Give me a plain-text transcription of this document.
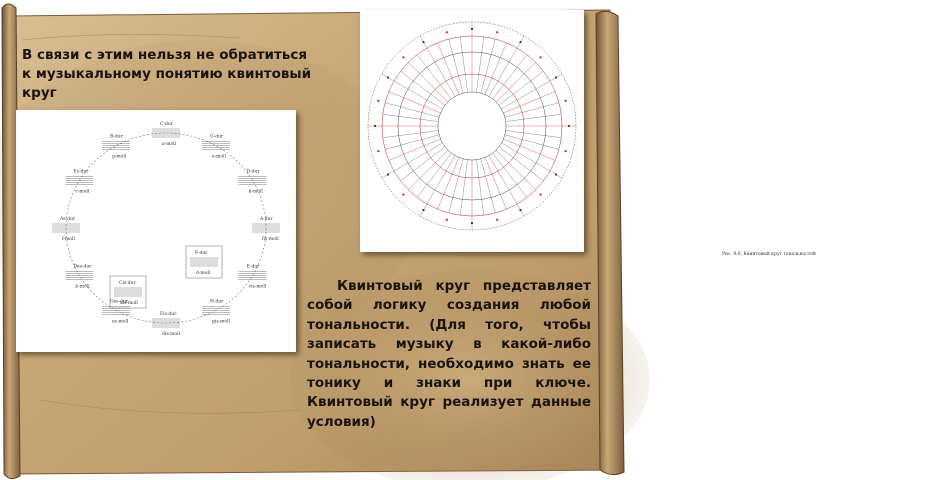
В связи с этим нельзя не обратиться
к музыкальному понятию квинтовый
круг
C-dur
a-moll
G-dur
e-moll
D-dur
h-moll
A-dur
fis-moll
E-dur
cis-moll
H-dur
gis-moll
Fis-dur
dis-moll
Ges-dur
es-moll
Des-dur
b-moll
As-dur
f-moll
Es-dur
c-moll
B-dur
g-moll
F-dur
d-moll
Cis-dur
ais-moll
Рис. 9.6. Квинтовый круг тональностей
Квинтовый круг представляет собой логику создания любой тональности. (Для того, чтобы записать музыку в какой-либо тональности, необходимо знать ее тонику и знаки при ключе. Квинтовый круг реализует данные условия)
